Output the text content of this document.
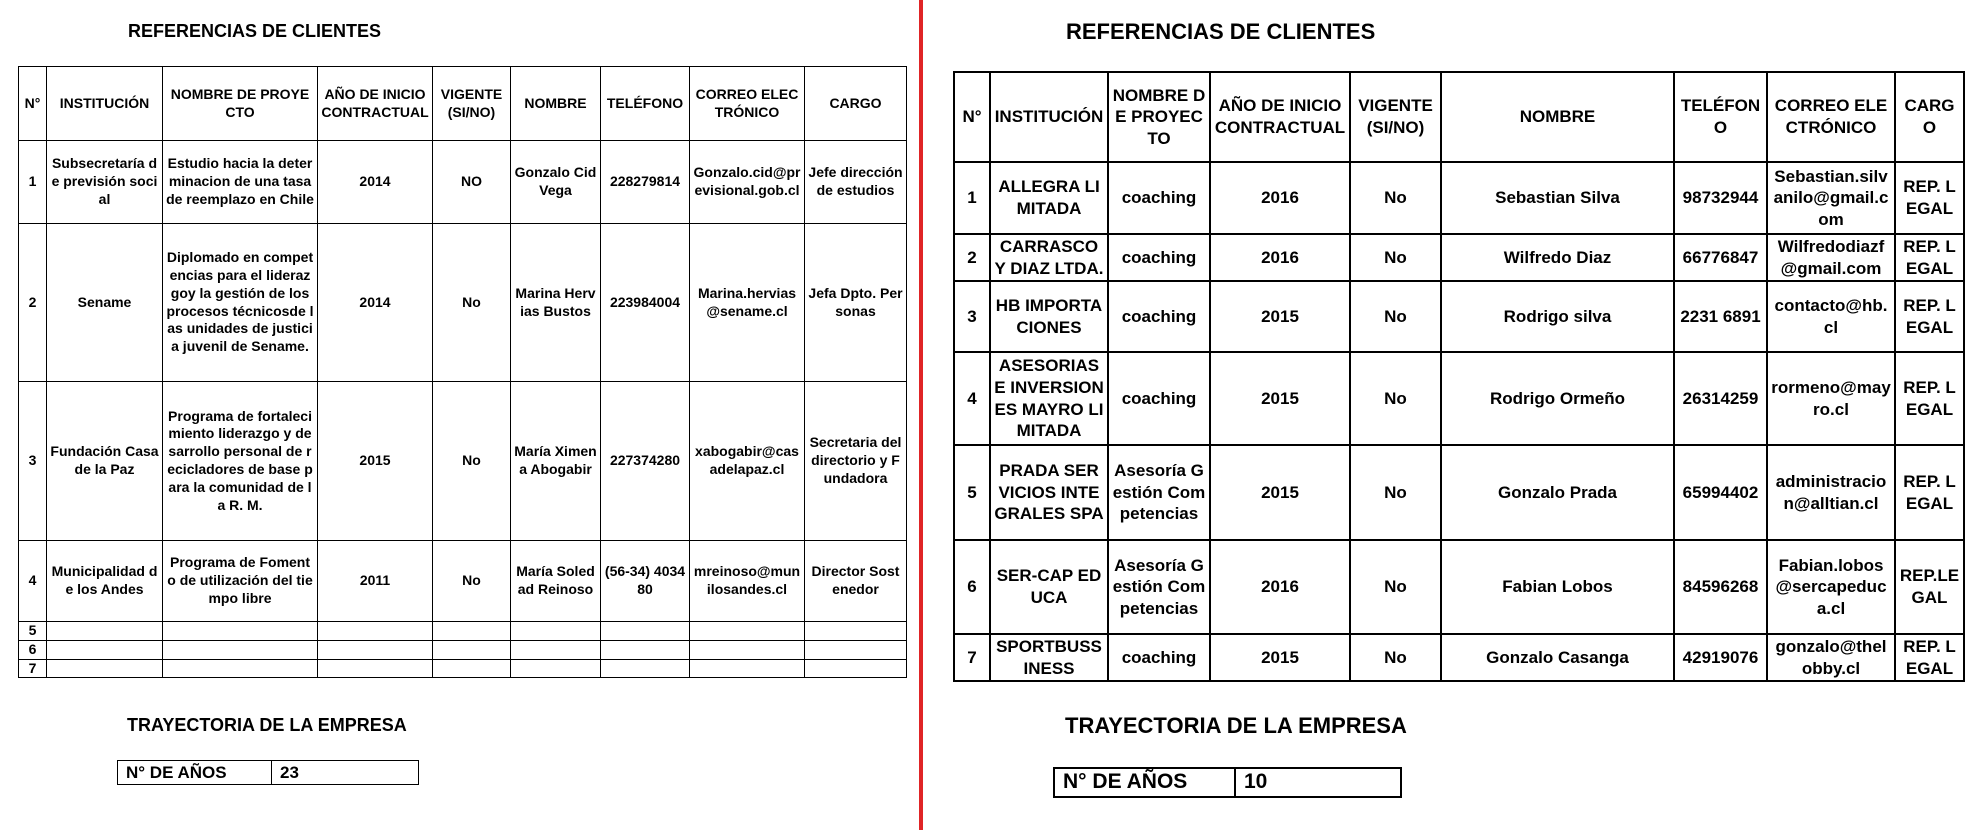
REFERENCIAS DE CLIENTES
N°	INSTITUCIÓN	NOMBRE DE PROYECTO	AÑO DE INICIO CONTRACTUAL	VIGENTE (SI/NO)	NOMBRE	TELÉFONO	CORREO ELECTRÓNICO	CARGO
1	Subsecretaría de previsión social	Estudio hacia la determinacion de una tasa de reemplazo en Chile	2014	NO	Gonzalo Cid Vega	228279814	Gonzalo.cid@previsional.gob.cl	Jefe dirección de estudios
2	Sename	Diplomado en competencias para el liderazgoy la gestión de los procesos técnicosde las unidades de justicia juvenil de Sename.	2014	No	Marina Hervias Bustos	223984004	Marina.hervias@sename.cl	Jefa Dpto. Personas
3	Fundación Casa de la Paz	Programa de fortalecimiento liderazgo y desarrollo personal de recicladores de base para la comunidad de la R. M.	2015	No	María Ximena Abogabir	227374280	xabogabir@casadelapaz.cl	Secretaria del directorio y Fundadora
4	Municipalidad de los Andes	Programa de Fomento de utilización del tiempo libre	2011	No	María Soledad Reinoso	(56-34) 403480	mreinoso@munilosandes.cl	Director Sostenedor
5								
6								
7								
TRAYECTORIA DE LA EMPRESA
N° DE AÑOS	23
REFERENCIAS DE CLIENTES
N°	INSTITUCIÓN	NOMBRE DE PROYECTO	AÑO DE INICIO CONTRACTUAL	VIGENTE (SI/NO)	NOMBRE	TELÉFONO	CORREO ELECTRÓNICO	CARGO
1	ALLEGRA LIMITADA	coaching	2016	No	Sebastian Silva	98732944	Sebastian.silvanilo@gmail.com	REP. LEGAL
2	CARRASCO Y DIAZ LTDA.	coaching	2016	No	Wilfredo Diaz	66776847	Wilfredodiazf@gmail.com	REP. LEGAL
3	HB IMPORTACIONES	coaching	2015	No	Rodrigo silva	2231 6891	contacto@hb.cl	REP. LEGAL
4	ASESORIAS E INVERSIONES MAYRO LIMITADA	coaching	2015	No	Rodrigo Ormeño	26314259	rormeno@mayro.cl	REP. LEGAL
5	PRADA SERVICIOS INTEGRALES SPA	Asesoría Gestión Competencias	2015	No	Gonzalo Prada	65994402	administracion@alltian.cl	REP. LEGAL
6	SER-CAP EDUCA	Asesoría Gestión Competencias	2016	No	Fabian Lobos	84596268	Fabian.lobos@sercapeduca.cl	REP.LEGAL
7	SPORTBUSSINESS	coaching	2015	No	Gonzalo Casanga	42919076	gonzalo@thelobby.cl	REP. LEGAL
TRAYECTORIA DE LA EMPRESA
N° DE AÑOS	10
